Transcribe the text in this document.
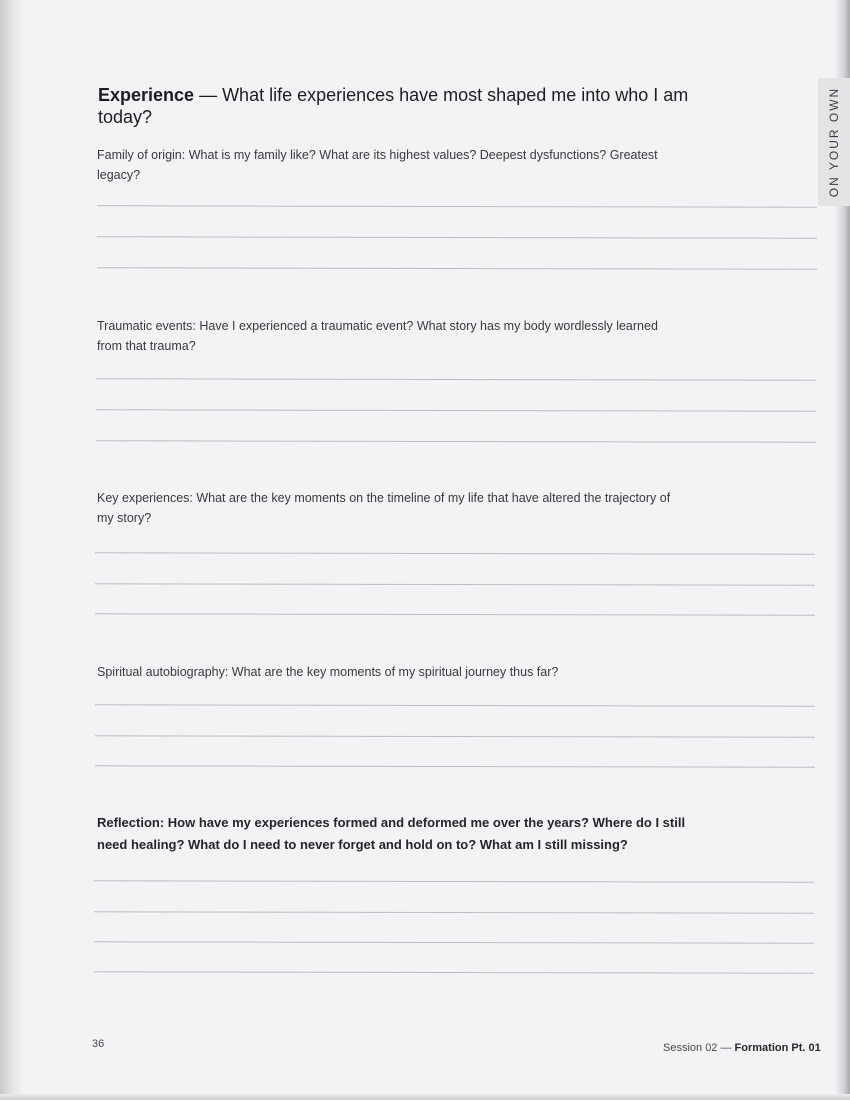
ON YOUR OWN
Experience — What life experiences have most shaped me into who I am today?
Family of origin: What is my family like? What are its highest values? Deepest dysfunctions? Greatest legacy?
Traumatic events: Have I experienced a traumatic event? What story has my body wordlessly learned from that trauma?
Key experiences: What are the key moments on the timeline of my life that have altered the trajectory of my story?
Spiritual autobiography: What are the key moments of my spiritual journey thus far?
Reflection: How have my experiences formed and deformed me over the years? Where do I still need healing? What do I need to never forget and hold on to? What am I still missing?
36	Session 02 — Formation Pt. 01
